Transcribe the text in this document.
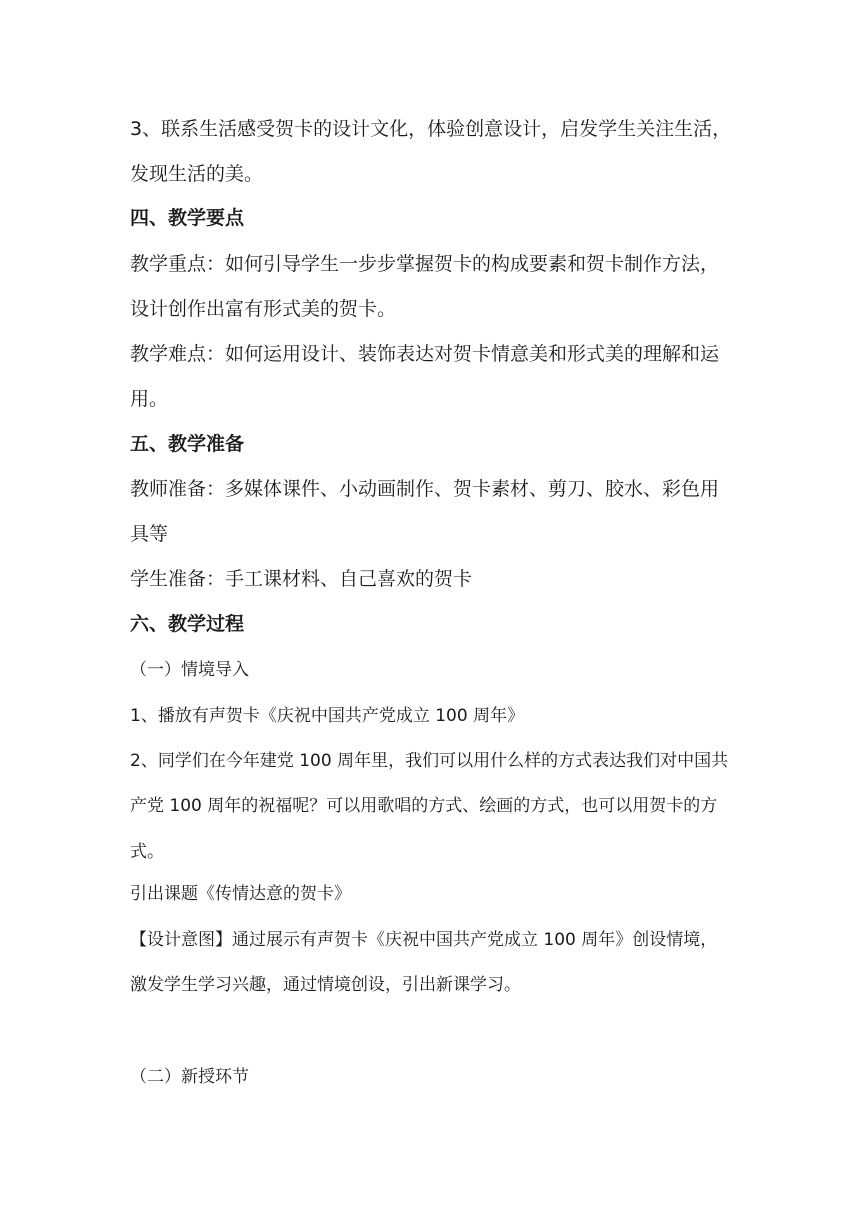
3、联系生活感受贺卡的设计文化，体验创意设计，启发学生关注生活，
发现生活的美。
四、教学要点
教学重点：如何引导学生一步步掌握贺卡的构成要素和贺卡制作方法，
设计创作出富有形式美的贺卡。
教学难点：如何运用设计、装饰表达对贺卡情意美和形式美的理解和运
用。
五、教学准备
教师准备：多媒体课件、小动画制作、贺卡素材、剪刀、胶水、彩色用
具等
学生准备：手工课材料、自己喜欢的贺卡
六、教学过程
（一）情境导入
1、播放有声贺卡《庆祝中国共产党成立 100 周年》
2、同学们在今年建党 100 周年里，我们可以用什么样的方式表达我们对中国共
产党 100 周年的祝福呢？可以用歌唱的方式、绘画的方式，也可以用贺卡的方
式。
引出课题《传情达意的贺卡》
【设计意图】通过展示有声贺卡《庆祝中国共产党成立 100 周年》创设情境，
激发学生学习兴趣，通过情境创设，引出新课学习。
（二）新授环节
